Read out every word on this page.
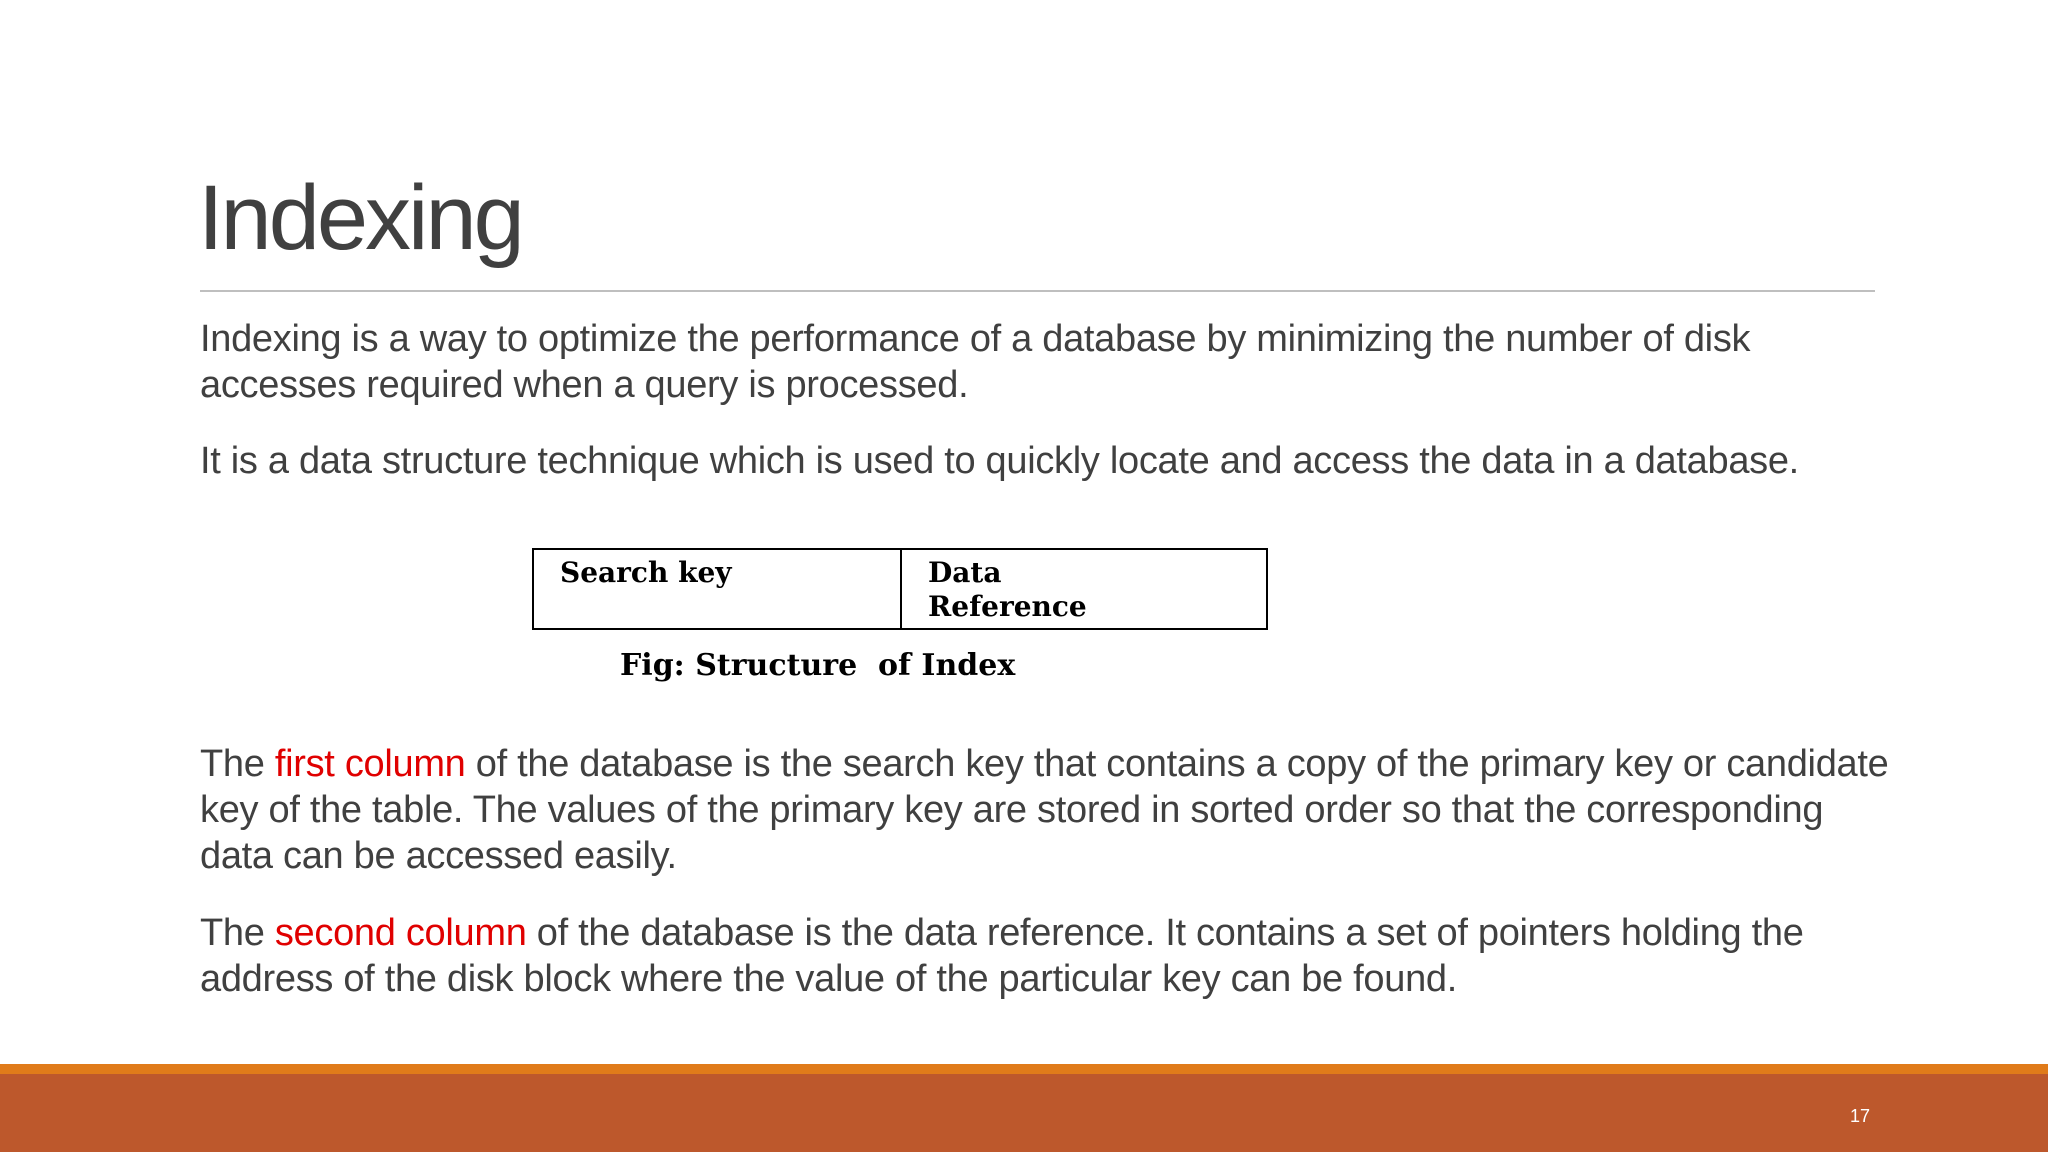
Indexing
Indexing is a way to optimize the performance of a database by minimizing the number of disk accesses required when a query is processed.
It is a data structure technique which is used to quickly locate and access the data in a database.
Search key	Data
Reference
Fig: Structure  of Index
The first column of the database is the search key that contains a copy of the primary key or candidate key of the table. The values of the primary key are stored in sorted order so that the corresponding data can be accessed easily.
The second column of the database is the data reference. It contains a set of pointers holding the address of the disk block where the value of the particular key can be found.
17
